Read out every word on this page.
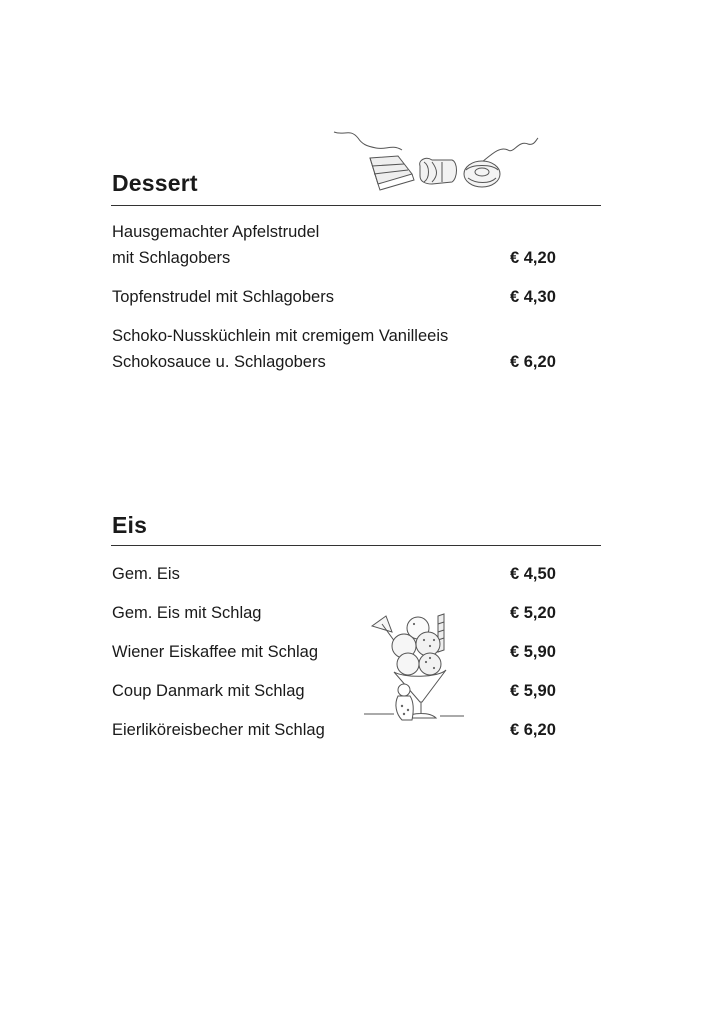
Dessert
Hausgemachter Apfelstrudel
mit Schlagobers	€ 4,20
Topfenstrudel mit Schlagobers	€ 4,30
Schoko-Nussküchlein mit cremigem Vanilleeis
Schokosauce u. Schlagobers	€ 6,20
Eis
Gem. Eis	€ 4,50
Gem. Eis mit Schlag	€ 5,20
Wiener Eiskaffee mit Schlag	€ 5,90
Coup Danmark mit Schlag	€ 5,90
Eierliköreisbecher mit Schlag	€ 6,20
